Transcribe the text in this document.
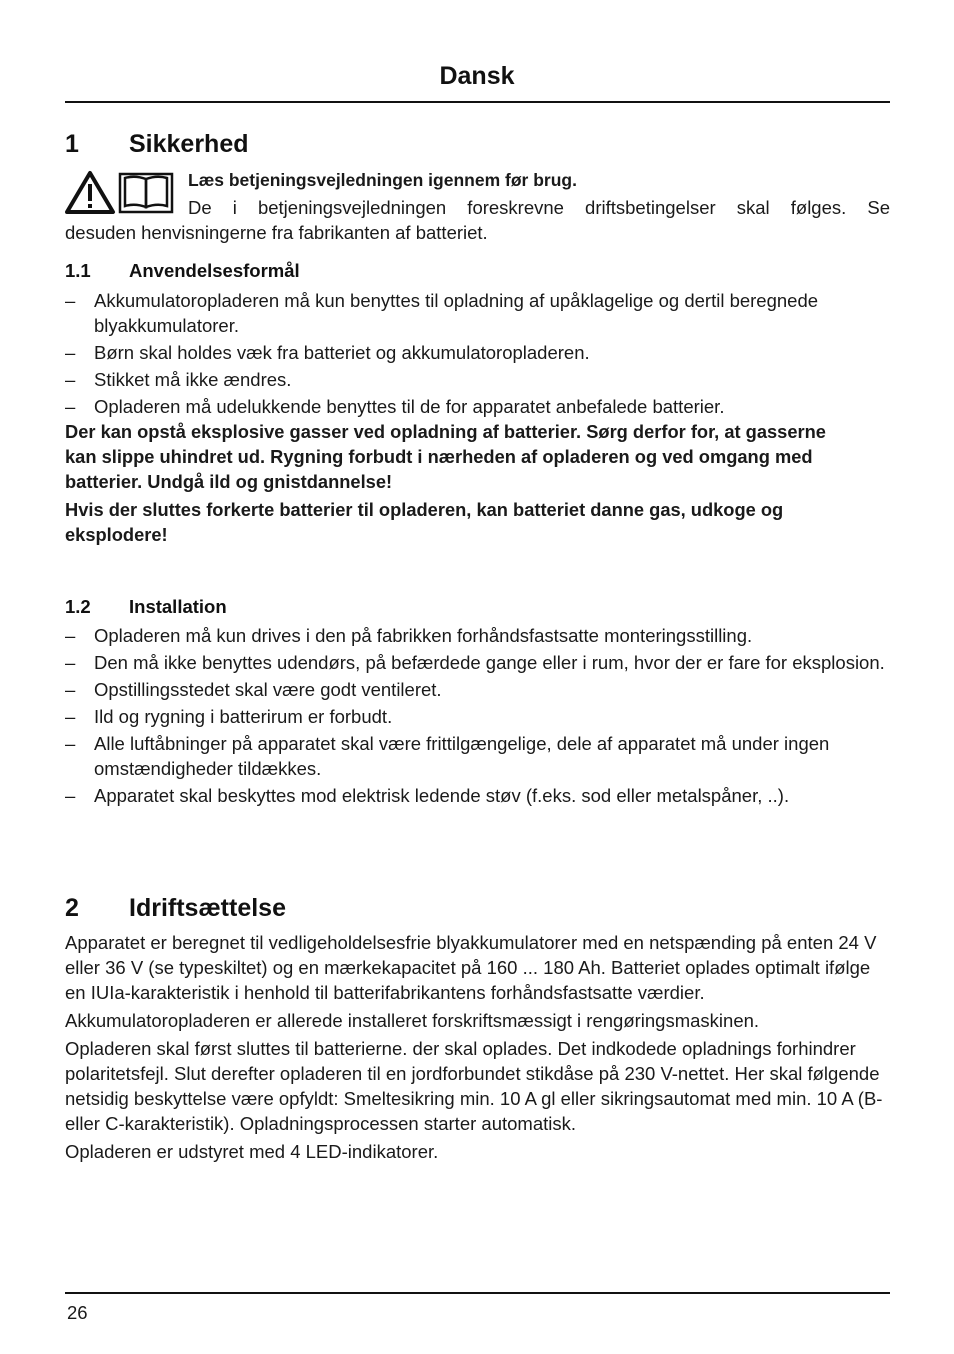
Dansk
1 Sikkerhed
Læs betjeningsvejledningen igennem før brug.
De i betjeningsvejledningen foreskrevne driftsbetingelser skal følges. Se
desuden henvisningerne fra fabrikanten af batteriet.
1.1 Anvendelsesformål
– Akkumulatoropladeren må kun benyttes til opladning af upåklagelige og dertil beregnede blyakkumulatorer.
– Børn skal holdes væk fra batteriet og akkumulatoropladeren.
– Stikket må ikke ændres.
– Opladeren må udelukkende benyttes til de for apparatet anbefalede batterier.

Der kan opstå eksplosive gasser ved opladning af batterier. Sørg derfor for, at gasserne kan slippe uhindret ud. Rygning forbudt i nærheden af opladeren og ved omgang med batterier. Undgå ild og gnistdannelse!

Hvis der sluttes forkerte batterier til opladeren, kan batteriet danne gas, udkoge og eksplodere!

1.2 Installation
– Opladeren må kun drives i den på fabrikken forhåndsfastsatte monteringsstilling.
– Den må ikke benyttes udendørs, på befærdede gange eller i rum, hvor der er fare for eksplosion.
– Opstillingsstedet skal være godt ventileret.
– Ild og rygning i batterirum er forbudt.
– Alle luftåbninger på apparatet skal være frittilgængelige, dele af apparatet må under ingen omstændigheder tildækkes.
– Apparatet skal beskyttes mod elektrisk ledende støv (f.eks. sod eller metalspåner, ..).
2 Idriftsættelse

Apparatet er beregnet til vedligeholdelsesfrie blyakkumulatorer med en netspænding på enten 24 V eller 36 V (se typeskiltet) og en mærkekapacitet på 160 ... 180 Ah. Batteriet oplades optimalt ifølge en IUIa-karakteristik i henhold til batterifabrikantens forhåndsfastsatte værdier.

Akkumulatoropladeren er allerede installeret forskriftsmæssigt i rengøringsmaskinen.

Opladeren skal først sluttes til batterierne. der skal oplades. Det indkodede opladnings forhindrer polaritetsfejl. Slut derefter opladeren til en jordforbundet stikdåse på 230 V-nettet. Her skal følgende netsidig beskyttelse være opfyldt: Smeltesikring min. 10 A gl eller sikringsautomat med min. 10 A (B- eller C-karakteristik). Opladningsprocessen starter automatisk.

Opladeren er udstyret med 4 LED-indikatorer.

26
